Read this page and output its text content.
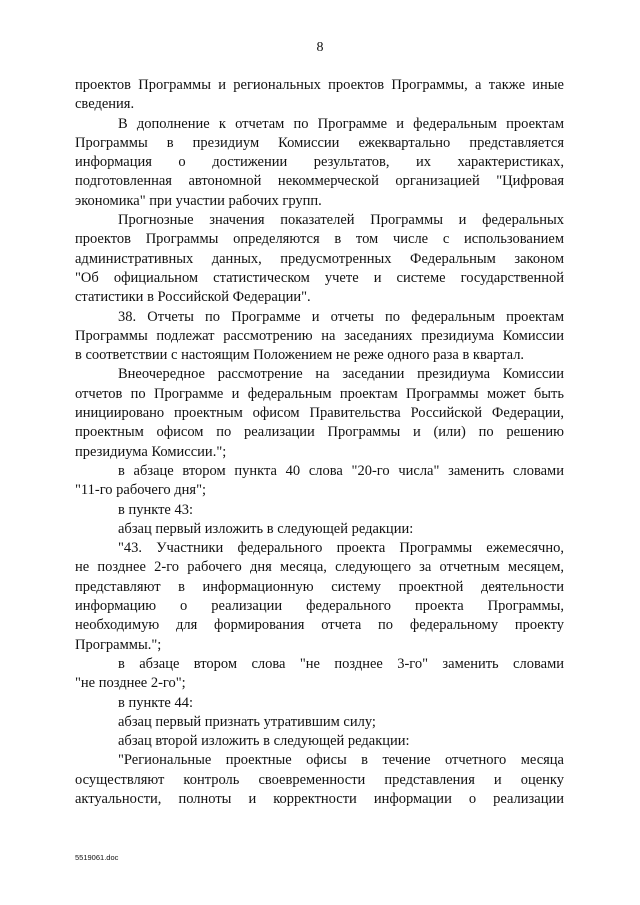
8
проектов Программы и региональных проектов Программы, а также иные
сведения.
В дополнение к отчетам по Программе и федеральным проектам
Программы в президиум Комиссии ежеквартально представляется
информация о достижении результатов, их характеристиках,
подготовленная автономной некоммерческой организацией "Цифровая
экономика" при участии рабочих групп.
Прогнозные значения показателей Программы и федеральных
проектов Программы определяются в том числе с использованием
административных данных, предусмотренных Федеральным законом
"Об официальном статистическом учете и системе государственной
статистики в Российской Федерации".
38. Отчеты по Программе и отчеты по федеральным проектам
Программы подлежат рассмотрению на заседаниях президиума Комиссии
в соответствии с настоящим Положением не реже одного раза в квартал.
Внеочередное рассмотрение на заседании президиума Комиссии
отчетов по Программе и федеральным проектам Программы может быть
инициировано проектным офисом Правительства Российской Федерации,
проектным офисом по реализации Программы и (или) по решению
президиума Комиссии.";
в абзаце втором пункта 40 слова "20-го числа" заменить словами
"11-го рабочего дня";
в пункте 43:
абзац первый изложить в следующей редакции:
"43. Участники федерального проекта Программы ежемесячно,
не позднее 2-го рабочего дня месяца, следующего за отчетным месяцем,
представляют в информационную систему проектной деятельности
информацию о реализации федерального проекта Программы,
необходимую для формирования отчета по федеральному проекту
Программы.";
в абзаце втором слова "не позднее 3-го" заменить словами
"не позднее 2-го";
в пункте 44:
абзац первый признать утратившим силу;
абзац второй изложить в следующей редакции:
"Региональные проектные офисы в течение отчетного месяца
осуществляют контроль своевременности представления и оценку
актуальности, полноты и корректности информации о реализации
5519061.doc
